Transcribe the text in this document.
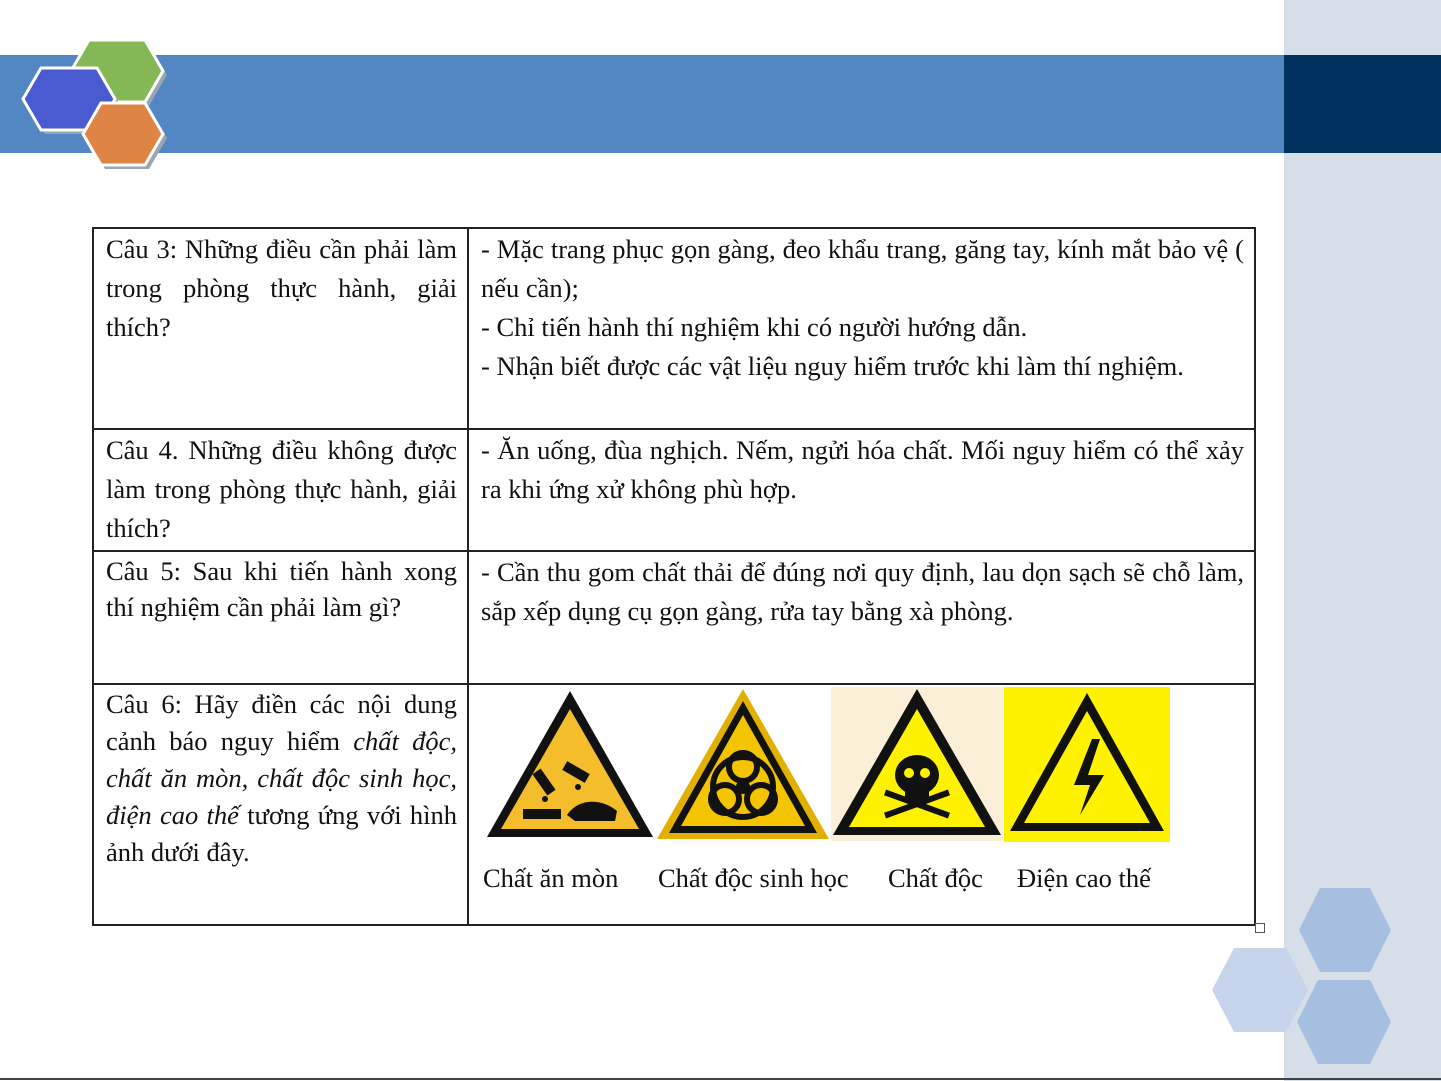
Câu 3: Những điều cần phải làm trong phòng thực hành, giải thích?	- Mặc trang phục gọn gàng, đeo khẩu trang, găng tay, kính mắt bảo vệ ( nếu cần);

- Chỉ tiến hành thí nghiệm khi có người hướng dẫn.

- Nhận biết được các vật liệu nguy hiểm trước khi làm thí nghiệm.

Câu 4. Những điều không được làm trong phòng thực hành, giải thích?	- Ăn uống, đùa nghịch. Nếm, ngửi hóa chất. Mối nguy hiểm có thể xảy ra khi ứng xử không phù hợp.

Câu 5: Sau khi tiến hành xong thí nghiệm cần phải làm gì?	- Cần thu gom chất thải để đúng nơi quy định, lau dọn sạch sẽ chỗ làm, sắp xếp dụng cụ gọn gàng, rửa tay bằng xà phòng.

Câu 6: Hãy điền các nội dung cảnh báo nguy hiểm chất độc, chất ăn mòn, chất độc sinh học, điện cao thế tương ứng với hình ảnh dưới đây.	Chất ăn mòn Chất độc sinh học Chất độc Điện cao thế
